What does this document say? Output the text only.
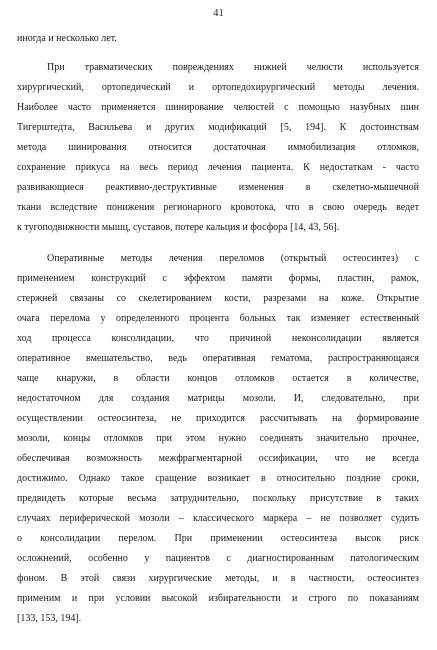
41
иногда и несколько лет.
При травматических повреждениях нижней челюсти используется
хирургический, ортопедический и ортопедохирургический методы лечения.
Наиболее часто применяется шинирование челюстей с помощью назубных шин
Тигерштедта, Васильева и других модификаций [5, 194]. К достоинствам
метода шинирования относится достаточная иммобилизация отломков,
сохранение прикуса на весь период лечения пациента. К недостаткам - часто
развивающиеся реактивно-деструктивные изменения в скелетно-мышечной
ткани вследствие понижения регионарного кровотока, что в свою очередь ведет
к тугоподвижности мышц, суставов, потере кальция и фосфора [14, 43, 56].
Оперативные методы лечения переломов (открытый остеосинтез) с
применением конструкций с эффектом памяти формы, пластин, рамок,
стержней связаны со скелетированием кости, разрезами на коже. Открытие
очага перелома у определенного процента больных так изменяет естественный
ход процесса консолидации, что причиной неконсолидации является
оперативное вмешательство, ведь оперативная гематома, распространяющаяся
чаще кнаружи, в области концов отломков остается в количестве,
недостаточном для создания матрицы мозоли. И, следовательно, при
осуществлении остеосинтеза, не приходится рассчитывать на формирование
мозоли, концы отломков при этом нужно соединять значительно прочнее,
обеспечивая возможность межфрагментарной оссификации, что не всегда
достижимо. Однако такое сращение возникает в относительно поздние сроки,
предвидеть которые весьма затруднительно, поскольку присутствие в таких
случаях периферической мозоли – классического маркера – не позволяет судить
о консолидации перелом. При применении остеосинтеза высок риск
осложнений, особенно у пациентов с диагностированным патологическим
фоном. В этой связи хирургические методы, и в частности, остеосинтез
применим и при условии высокой избирательности и строго по показаниям
[133, 153, 194].
